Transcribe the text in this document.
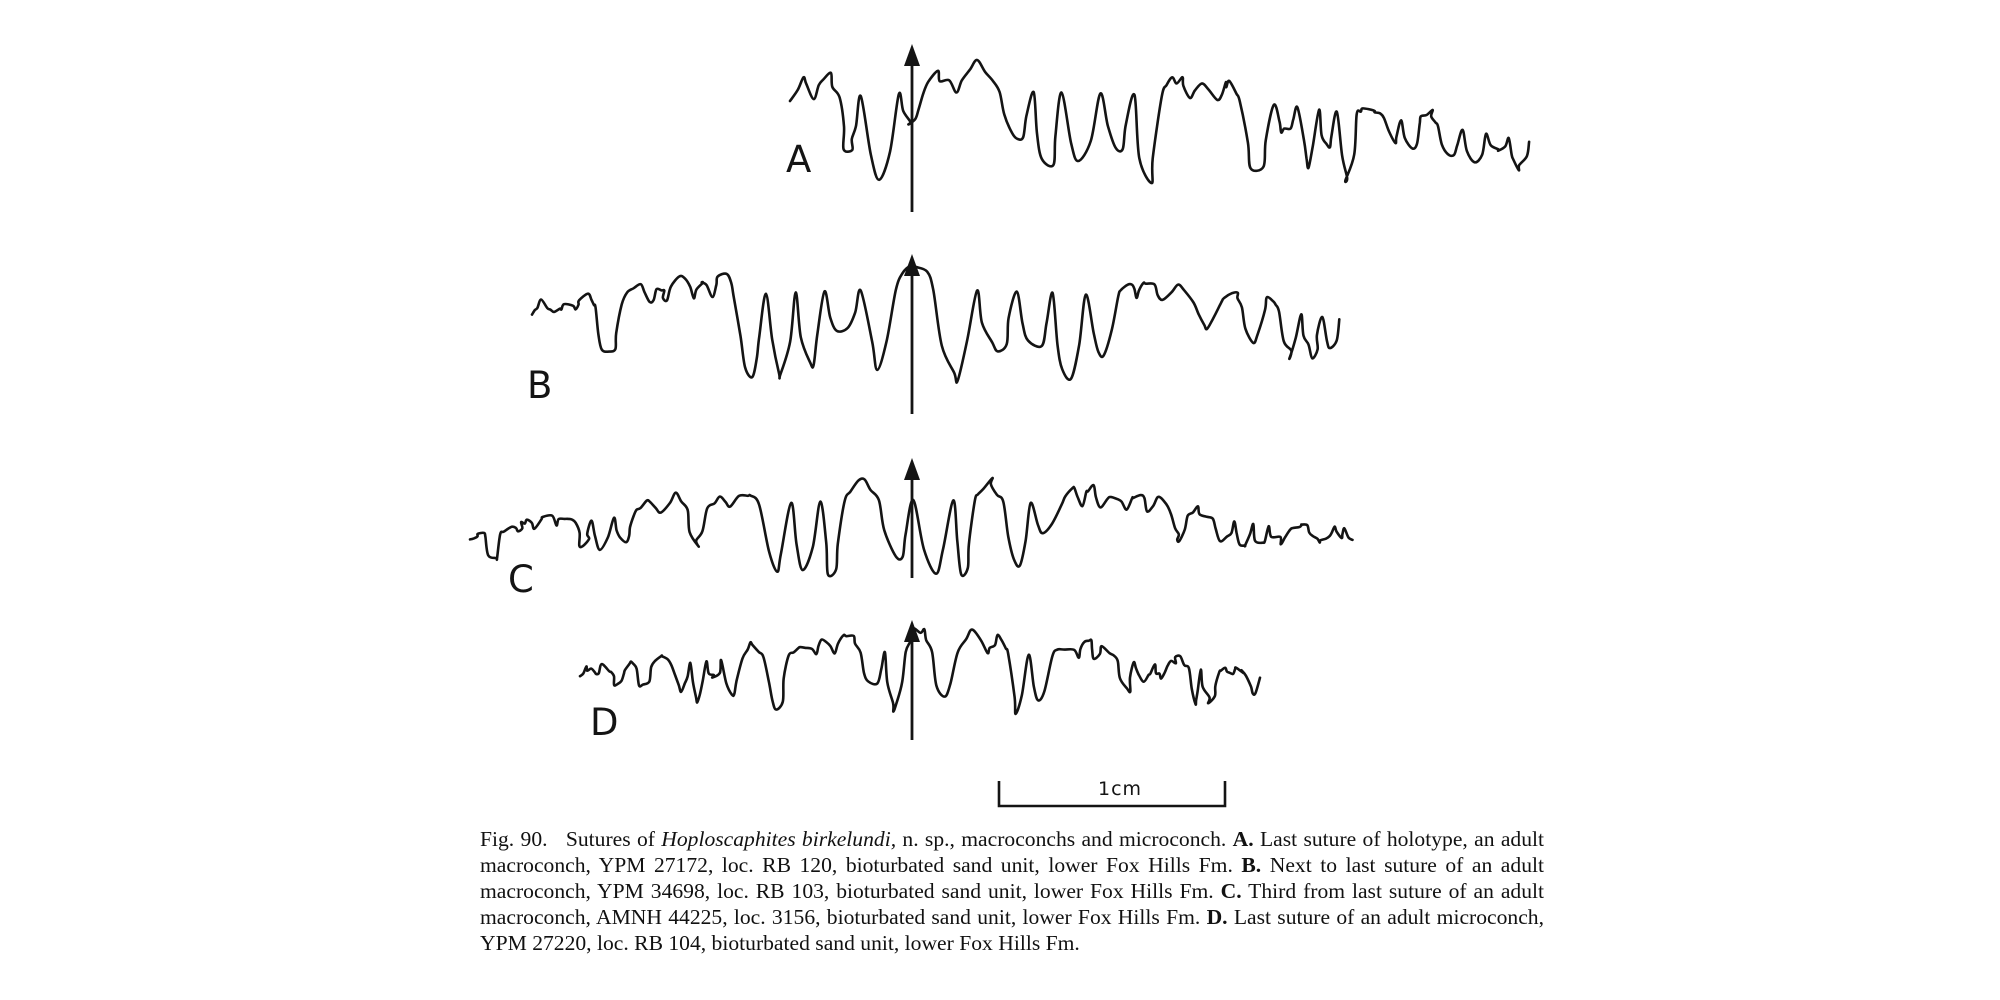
A
B
C
D
1cm
Fig. 90. Sutures of Hoploscaphites birkelundi, n. sp., macroconchs and microconch. A. Last suture of holotype, an adult macroconch, YPM 27172, loc. RB 120, bioturbated sand unit, lower Fox Hills Fm. B. Next to last suture of an adult macroconch, YPM 34698, loc. RB 103, bioturbated sand unit, lower Fox Hills Fm. C. Third from last suture of an adult macroconch, AMNH 44225, loc. 3156, bioturbated sand unit, lower Fox Hills Fm. D. Last suture of an adult microconch, YPM 27220, loc. RB 104, bioturbated sand unit, lower Fox Hills Fm.
